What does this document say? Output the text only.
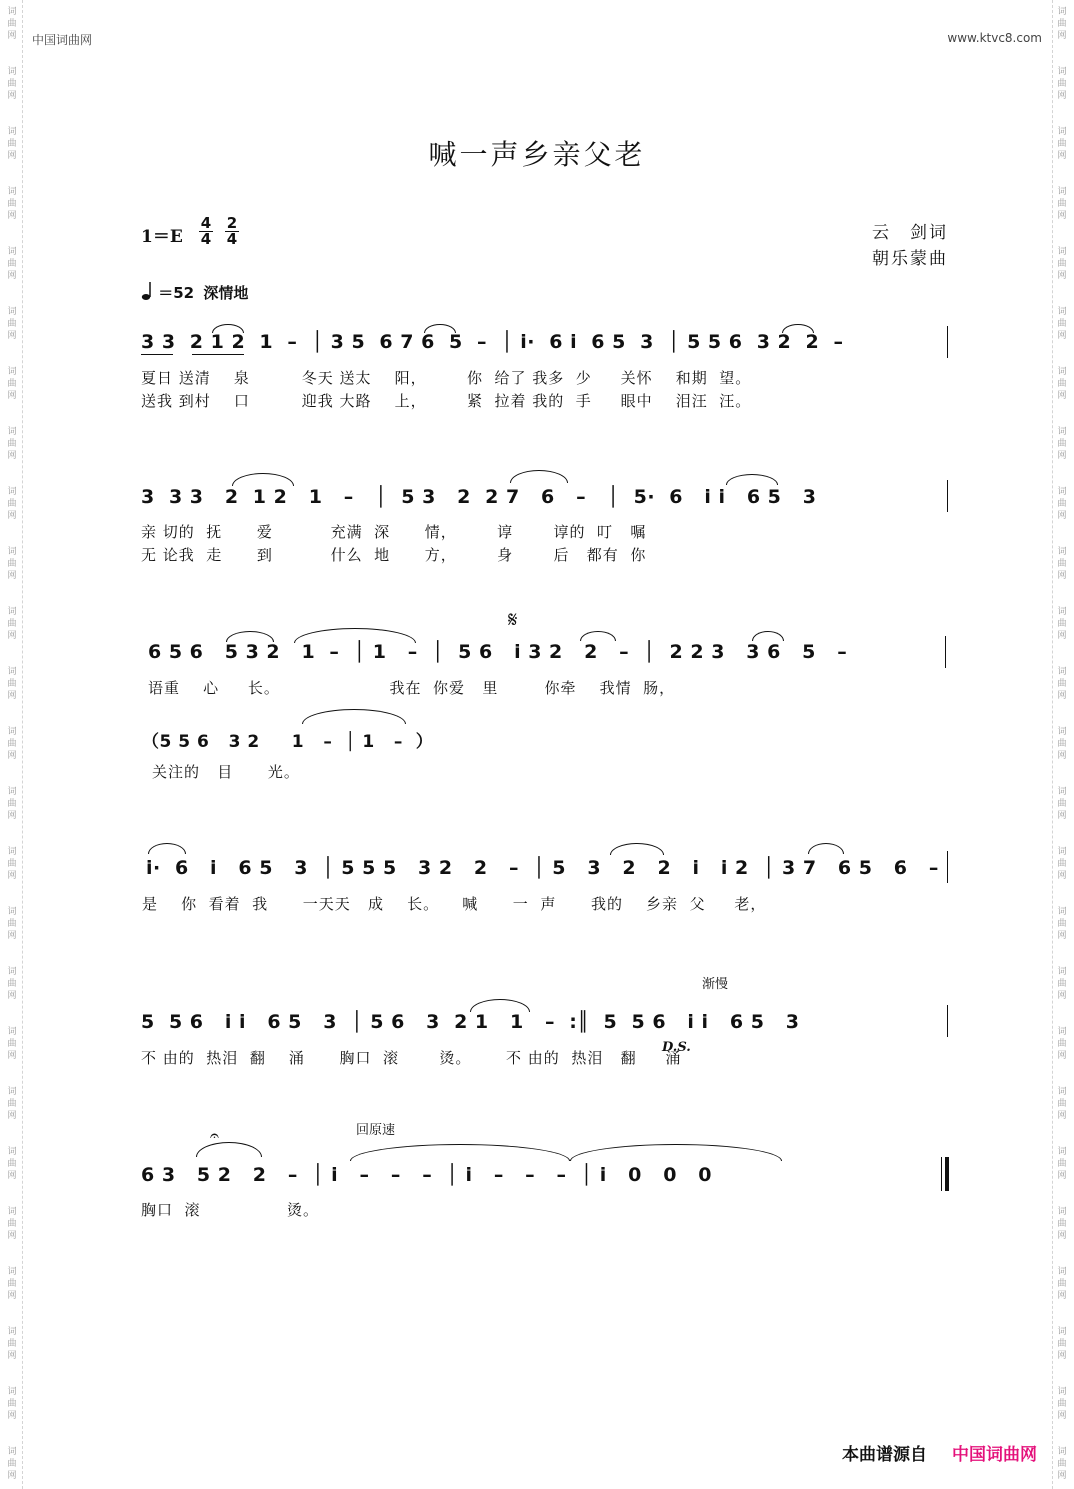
词
曲
网
词
曲
网
词
曲
网
词
曲
网
词
曲
网
词
曲
网
词
曲
网
词
曲
网
词
曲
网
词
曲
网
词
曲
网
词
曲
网
词
曲
网
词
曲
网
词
曲
网
词
曲
网
词
曲
网
词
曲
网
词
曲
网
词
曲
网
词
曲
网
词
曲
网
词
曲
网
词
曲
网
词
曲
网
词
曲
网
词
曲
网
词
曲
网
词
曲
网
词
曲
网
词
曲
网
词
曲
网
词
曲
网
词
曲
网
词
曲
网
词
曲
网
词
曲
网
词
曲
网
词
曲
网
词
曲
网
词
曲
网
词
曲
网
词
曲
网
词
曲
网
词
曲
网
词
曲
网
词
曲
网
词
曲
网
词
曲
网
词
曲
网
中国词曲网	www.ktvc8.com
喊一声乡亲父老
1＝E
4
4
2
4	云　剑词
朝乐蒙曲
＝52 深情地
3 3  2 1 2  1  –  │ 3 5  6 7 6  5  –  │ i·  6 i  6 5  3  │ 5 5 6  3 2  2  –
夏日 送清    泉         冬天 送太    阳，       你  给了 我多  少     关怀    和期  望。
送我 到村    口         迎我 大路    上，       紧  拉着 我的  手     眼中    泪汪  汪。
3  3 3   2  1 2   1   –   │  5 3   2  2 7   6   –   │  5·  6   i i   6 5   3
亲 切的  抚      爱          充满  深      情，       谆       谆的  叮   嘱
无 论我  走      到          什么  地      方，       身       后   都有  你
𝄋
6 5 6   5 3 2   1  –  │ 1   –  │  5 6   i 3 2   2   –  │  2 2 3   3 6   5   –
语重    心     长。                   我在  你爱   里        你牵    我情  肠，
（5 5 6   3 2     1   –  │ 1   –  ）
关注的   目      光。
i·  6   i   6 5   3  │ 5 5 5   3 2   2   –  │ 5   3   2   2   i   i 2  │ 3 7   6 5   6   –
是    你  看着  我      一天天   成    长。    喊      一  声      我的    乡亲  父     老，
渐慢
5  5 6   i i   6 5   3  │ 5 6   3  2 1   1   –  :║  5  5 6   i i   6 5   3
不 由的  热泪  翻    涌      胸口  滚       烫。      不 由的  热泪   翻     涌
D.S.
回原速
6 3   5 2   2   –  │ i   –   –   –  │ i   –   –   –  │ i   0   0   0
胸口  滚               烫。
𝄐
本曲谱源自 中国词曲网
